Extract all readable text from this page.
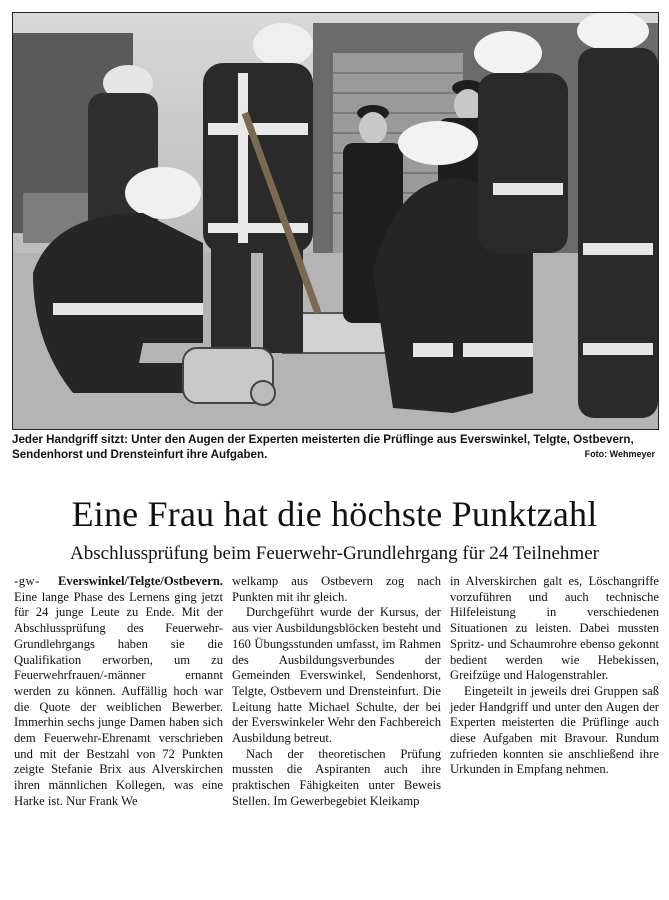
Jeder Handgriff sitzt: Unter den Augen der Experten meisterten die Prüflinge aus Everswinkel, Telgte, Ostbevern, Sendenhorst und Drensteinfurt ihre Aufgaben.	Foto: Wehmeyer
Eine Frau hat die höchste Punktzahl
Abschlussprüfung beim Feuerwehr-Grundlehrgang für 24 Teilnehmer

-gw- Everswinkel/Telgte/Ostbevern. Eine lange Phase des Lernens ging jetzt für 24 junge Leute zu Ende. Mit der Abschlussprüfung des Feuerwehr-Grundlehrgangs haben sie die Qualifikation erworben, um zu Feuerwehrfrauen/-männer ernannt werden zu können. Auffällig hoch war die Quote der weiblichen Bewerber. Immerhin sechs junge Damen haben sich dem Feuerwehr-Ehrenamt verschrieben und mit der Bestzahl von 72 Punkten zeigte Stefanie Brix aus Alverskirchen ihren männlichen Kollegen, was eine Harke ist. Nur Frank We

welkamp aus Ostbevern zog nach Punkten mit ihr gleich.

Durchgeführt wurde der Kursus, der aus vier Ausbildungsblöcken besteht und 160 Übungsstunden umfasst, im Rahmen des Ausbildungsverbundes der Gemeinden Everswinkel, Sendenhorst, Telgte, Ostbevern und Drensteinfurt. Die Leitung hatte Michael Schulte, der bei der Everswinkeler Wehr den Fachbereich Ausbildung betreut.

Nach der theoretischen Prüfung mussten die Aspiranten auch ihre praktischen Fähigkeiten unter Beweis Stellen. Im Gewerbegebiet Kleikamp

in Alverskirchen galt es, Löschangriffe vorzuführen und auch technische Hilfeleistung in verschiedenen Situationen zu leisten. Dabei mussten Spritz- und Schaumrohre ebenso gekonnt bedient werden wie Hebekissen, Greifzüge und Halogenstrahler.

Eingeteilt in jeweils drei Gruppen saß jeder Handgriff und unter den Augen der Experten meisterten die Prüflinge auch diese Aufgaben mit Bravour. Rundum zufrieden konnten sie anschließend ihre Urkunden in Empfang nehmen.
